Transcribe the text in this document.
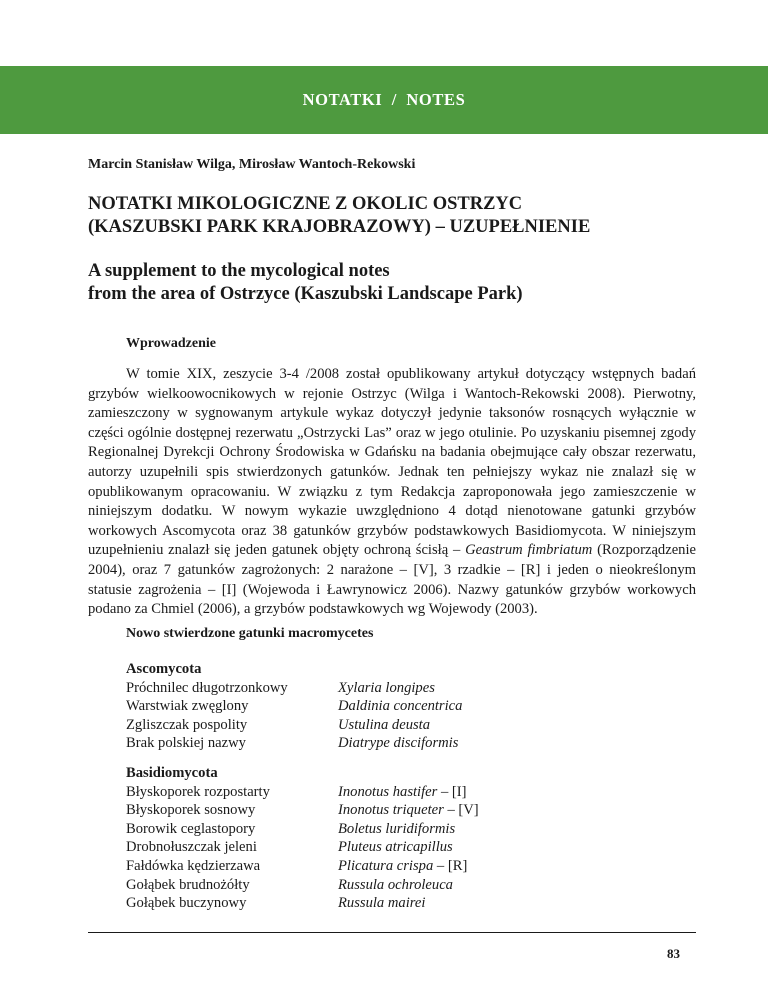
NOTATKI  /  NOTES
Marcin Stanisław Wilga, Mirosław Wantoch-Rekowski
NOTATKI MIKOLOGICZNE Z OKOLIC OSTRZYC
(KASZUBSKI PARK KRAJOBRAZOWY) – UZUPEŁNIENIE
A supplement to the mycological notes
from the area of Ostrzyce (Kaszubski Landscape Park)
Wprowadzenie

W tomie XIX, zeszycie 3-4 /2008 został opublikowany artykuł dotyczący wstępnych badań grzybów wielkoowocnikowych w rejonie Ostrzyc (Wilga i Wantoch-Rekowski 2008). Pierwotny, zamieszczony w sygnowanym artykule wykaz dotyczył jedynie taksonów rosnących wyłącznie w części ogólnie dostępnej rezerwatu „Ostrzycki Las” oraz w jego otulinie. Po uzyskaniu pisemnej zgody Regionalnej Dyrekcji Ochrony Środowiska w Gdańsku na badania obejmujące cały obszar rezerwatu, autorzy uzupełnili spis stwierdzonych gatunków. Jednak ten pełniejszy wykaz nie znalazł się w opublikowanym opracowaniu. W związku z tym Redakcja zaproponowała jego zamieszczenie w niniejszym dodatku. W nowym wykazie uwzględniono 4 dotąd nienotowane gatunki grzybów workowych Ascomycota oraz 38 gatunków grzybów podstawkowych Basidiomycota. W niniejszym uzupełnieniu znalazł się jeden gatunek objęty ochroną ścisłą – Geastrum fimbriatum (Rozporządzenie 2004), oraz 7 gatunków zagrożonych: 2 narażone – [V], 3 rzadkie – [R] i jeden o nieokreślonym statusie zagrożenia – [I] (Wojewoda i Ławrynowicz 2006). Nazwy gatunków grzybów workowych podano za Chmiel (2006), a grzybów podstawkowych wg Wojewody (2003).

Nowo stwierdzone gatunki macromycetes
Ascomycota
Próchnilec długotrzonkowy	Xylaria longipes
Warstwiak zwęglony	Daldinia concentrica
Zgliszczak pospolity	Ustulina deusta
Brak polskiej nazwy	Diatrype disciformis
Basidiomycota
Błyskoporek rozpostarty	Inonotus hastifer – [I]
Błyskoporek sosnowy	Inonotus triqueter – [V]
Borowik ceglastopory	Boletus luridiformis
Drobnołuszczak jeleni	Pluteus atricapillus
Fałdówka kędzierzawa	Plicatura crispa – [R]
Gołąbek brudnożółty	Russula ochroleuca
Gołąbek buczynowy	Russula mairei
83
